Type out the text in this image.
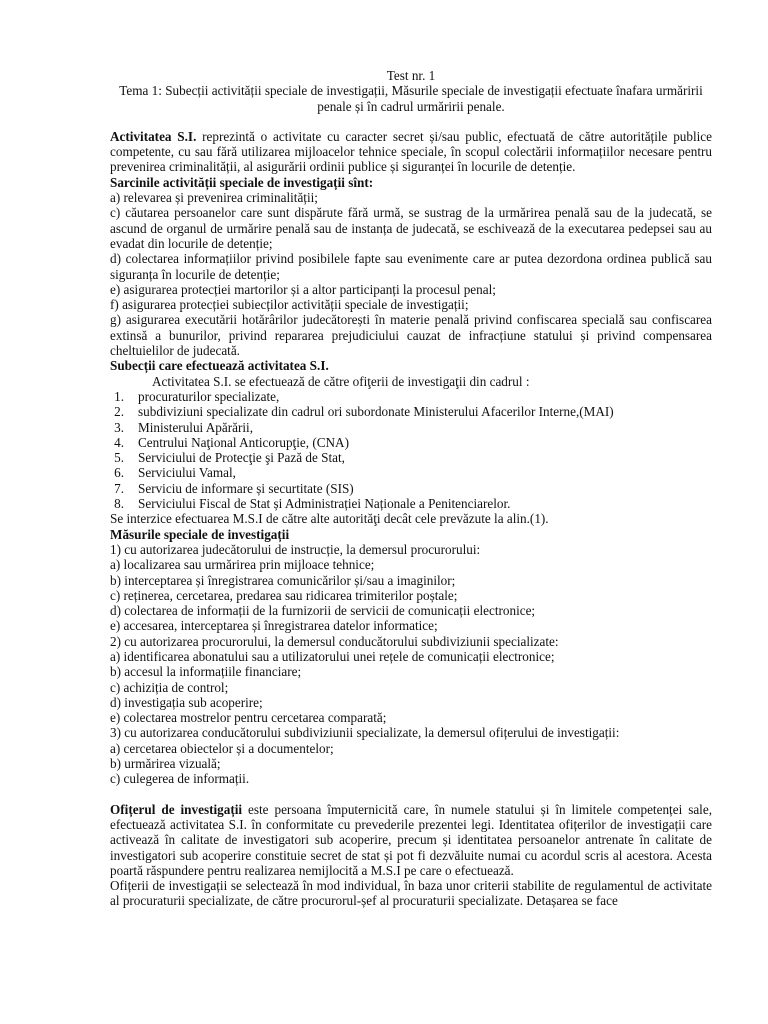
Test nr. 1

Tema 1: Subecții activității speciale de investigații, Măsurile speciale de investigații efectuate înafara urmăririi penale și în cadrul urmăririi penale.

Activitatea S.I. reprezintă o activitate cu caracter secret și/sau public, efectuată de către autoritățile publice competente, cu sau fără utilizarea mijloacelor tehnice speciale, în scopul colectării informațiilor necesare pentru prevenirea criminalității, al asigurării ordinii publice și siguranței în locurile de detenție.

Sarcinile activității speciale de investigații sînt:

a) relevarea și prevenirea criminalității;

c) căutarea persoanelor care sunt dispărute fără urmă, se sustrag de la urmărirea penală sau de la judecată, se ascund de organul de urmărire penală sau de instanța de judecată, se eschivează de la executarea pedepsei sau au evadat din locurile de detenție;

d) colectarea informațiilor privind posibilele fapte sau evenimente care ar putea dezordona ordinea publică sau siguranța în locurile de detenție;

e) asigurarea protecției martorilor și a altor participanți la procesul penal;

f) asigurarea protecției subiecților activității speciale de investigații;

g) asigurarea executării hotărârilor judecătorești în materie penală privind confiscarea specială sau confiscarea extinsă a bunurilor, privind repararea prejudiciului cauzat de infracțiune statului și privind compensarea cheltuielilor de judecată.

Subecții care efectuează activitatea S.I.

Activitatea S.I. se efectuează de către ofiţerii de investigaţii din cadrul :

1. procuraturilor specializate,
2. subdiviziuni specializate din cadrul ori subordonate Ministerului Afacerilor Interne,(MAI)
3. Ministerului Apărării,
4. Centrului Naţional Anticorupţie, (CNA)
5. Serviciului de Protecţie şi Pază de Stat,
6. Serviciului Vamal,
7. Serviciu de informare și securtitate (SIS)
8. Serviciului Fiscal de Stat și Administrației Naționale a Penitenciarelor.

Se interzice efectuarea M.S.I de către alte autorităţi decât cele prevăzute la alin.(1).

Măsurile speciale de investigații

1) cu autorizarea judecătorului de instrucție, la demersul procurorului:

a) localizarea sau urmărirea prin mijloace tehnice;

b) interceptarea și înregistrarea comunicărilor și/sau a imaginilor;

c) reținerea, cercetarea, predarea sau ridicarea trimiterilor poștale;

d) colectarea de informații de la furnizorii de servicii de comunicații electronice;

e) accesarea, interceptarea și înregistrarea datelor informatice;

2) cu autorizarea procurorului, la demersul conducătorului subdiviziunii specializate:

a) identificarea abonatului sau a utilizatorului unei rețele de comunicații electronice;

b) accesul la informațiile financiare;

c) achiziția de control;

d) investigația sub acoperire;

e) colectarea mostrelor pentru cercetarea comparată;

3) cu autorizarea conducătorului subdiviziunii specializate, la demersul ofițerului de investigații:

a) cercetarea obiectelor și a documentelor;

b) urmărirea vizuală;

c) culegerea de informații.

Ofițerul de investigații este persoana împuternicită care, în numele statului și în limitele competenței sale, efectuează activitatea S.I. în conformitate cu prevederile prezentei legi. Identitatea ofițerilor de investigații care activează în calitate de investigatori sub acoperire, precum și identitatea persoanelor antrenate în calitate de investigatori sub acoperire constituie secret de stat și pot fi dezvăluite numai cu acordul scris al acestora. Acesta poartă răspundere pentru realizarea nemijlocită a M.S.I pe care o efectuează.

Ofițerii de investigații se selectează în mod individual, în baza unor criterii stabilite de regulamentul de activitate al procuraturii specializate, de către procurorul-șef al procuraturii specializate. Detașarea se face
